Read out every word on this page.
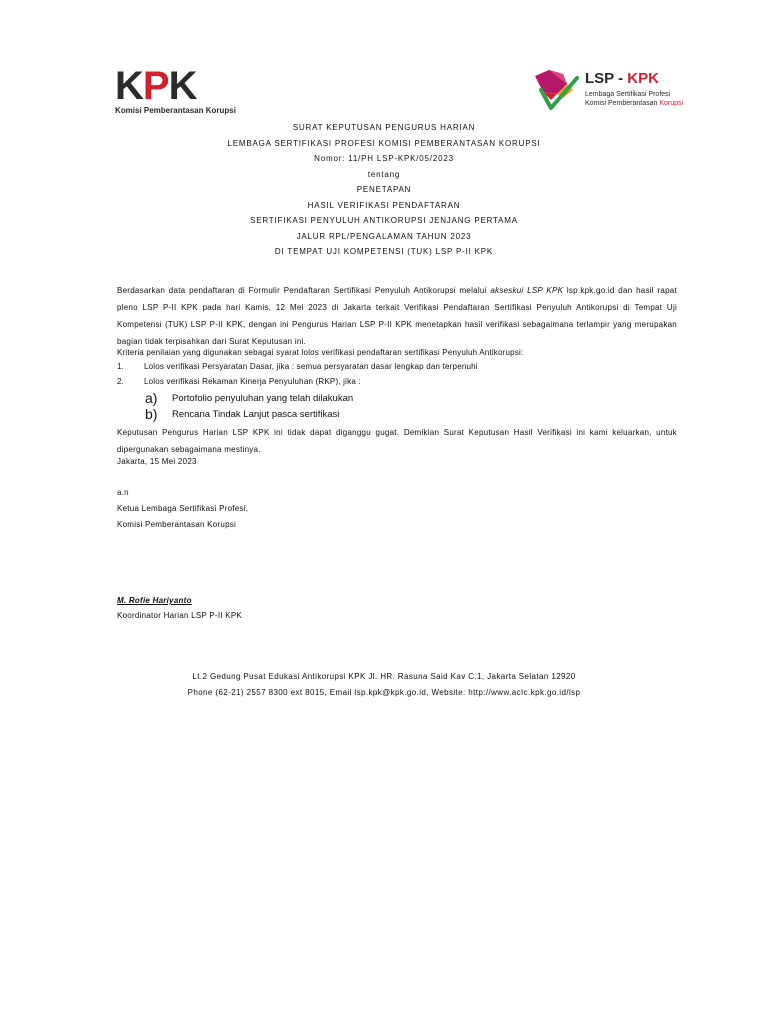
KPK
Komisi Pemberantasan Korupsi
LSP - KPK
Lembaga Sertifikasi Profesi
Komisi Pemberantasan Korupsi
SURAT KEPUTUSAN PENGURUS HARIAN
LEMBAGA SERTIFIKASI PROFESI KOMISI PEMBERANTASAN KORUPSI
Nomor: 11/PH LSP-KPK/05/2023
tentang
PENETAPAN
HASIL VERIFIKASI PENDAFTARAN
SERTIFIKASI PENYULUH ANTIKORUPSI JENJANG PERTAMA
JALUR RPL/PENGALAMAN TAHUN 2023
DI TEMPAT UJI KOMPETENSI (TUK) LSP P-II KPK
Berdasarkan data pendaftaran di Formulir Pendaftaran Sertifikasi Penyuluh Antikorupsi melalui akseskui LSP KPK lsp.kpk.go.id dan hasil rapat pleno LSP P-II KPK pada hari Kamis, 12 Mei 2023 di Jakarta terkait Verifikasi Pendaftaran Sertifikasi Penyuluh Antikorupsi di Tempat Uji Kompetensi (TUK) LSP P-II KPK, dengan ini Pengurus Harian LSP P-II KPK menetapkan hasil verifikasi sebagaimana terlampir yang merupakan bagian tidak terpisahkan dari Surat Keputusan ini.
Kriteria penilaian yang digunakan sebagai syarat lolos verifikasi pendaftaran sertifikasi Penyuluh Antikorupsi:
1. Lolos verifikasi Persyaratan Dasar, jika : semua persyaratan dasar lengkap dan terpenuhi
2. Lolos verifikasi Rekaman Kinerja Penyuluhan (RKP), jika :
a) Portofolio penyuluhan yang telah dilakukan
b) Rencana Tindak Lanjut pasca sertifikasi
Keputusan Pengurus Harian LSP KPK ini tidak dapat diganggu gugat. Demikian Surat Keputusan Hasil Verifikasi ini kami keluarkan, untuk dipergunakan sebagaimana mestinya.
Jakarta, 15 Mei 2023
a.n
Ketua Lembaga Sertifikasi Profesi,
Komisi Pemberantasan Korupsi
M. Rofie Hariyanto
Koordinator Harian LSP P-II KPK
Lt.2 Gedung Pusat Edukasi Antikorupsi KPK Jl. HR. Rasuna Said Kav C.1, Jakarta Selatan 12920
Phone (62-21) 2557 8300 ext 8015, Email lsp.kpk@kpk.go.id, Website: http://www.acIc.kpk.go.id/lsp
